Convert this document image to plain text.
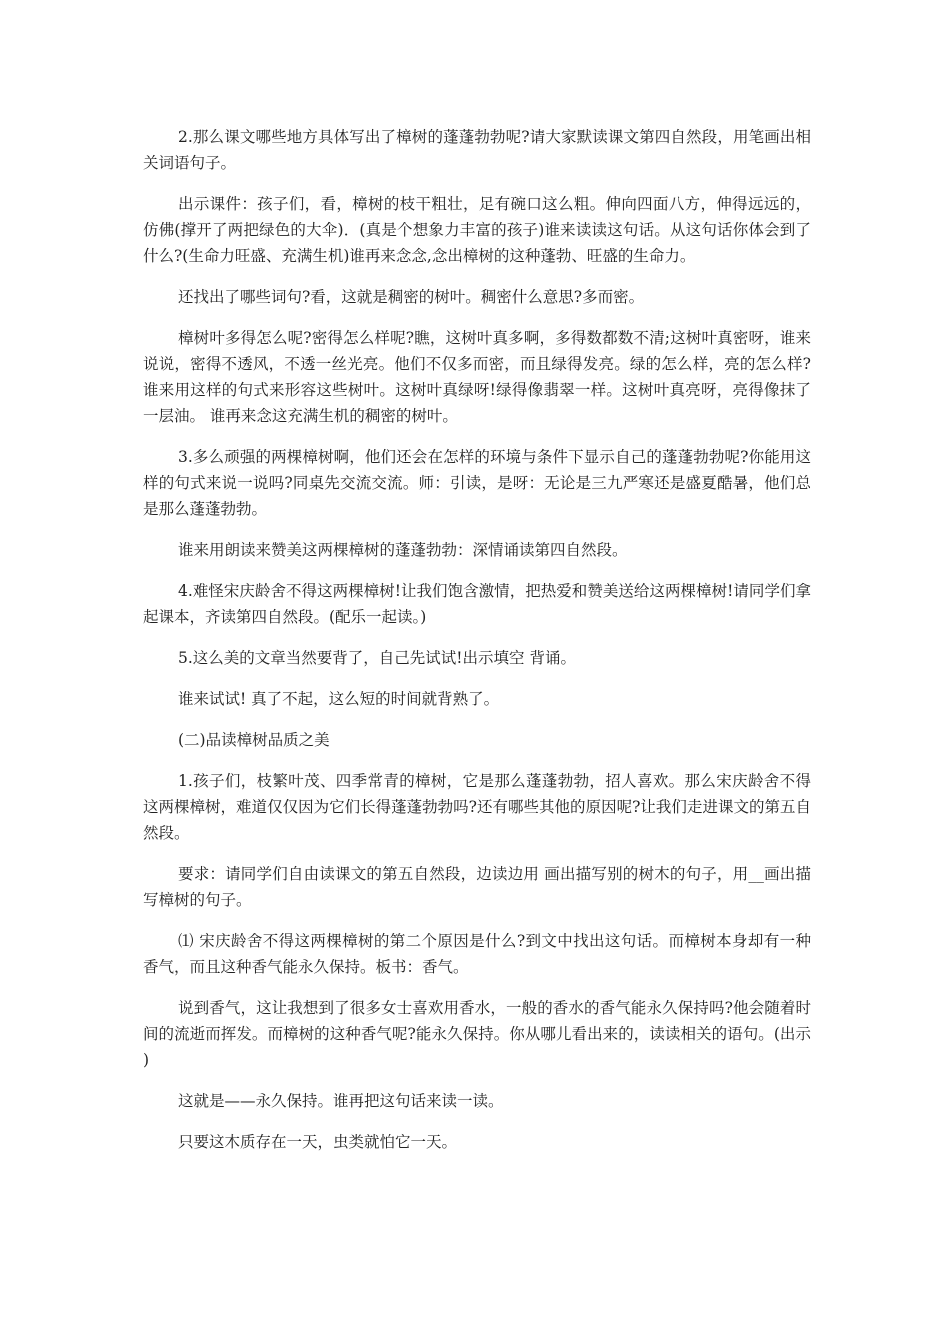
2.那么课文哪些地方具体写出了樟树的蓬蓬勃勃呢?请大家默读课文第四自然段，用笔画出相关词语句子。

出示课件：孩子们，看，樟树的枝干粗壮，足有碗口这么粗。伸向四面八方，伸得远远的，仿佛(撑开了两把绿色的大伞)．(真是个想象力丰富的孩子)谁来读读这句话。从这句话你体会到了什么?(生命力旺盛、充满生机)谁再来念念,念出樟树的这种蓬勃、旺盛的生命力。

还找出了哪些词句?看，这就是稠密的树叶。稠密什么意思?多而密。

樟树叶多得怎么呢?密得怎么样呢?瞧，这树叶真多啊，多得数都数不清;这树叶真密呀，谁来说说，密得不透风，不透一丝光亮。他们不仅多而密，而且绿得发亮。绿的怎么样，亮的怎么样?谁来用这样的句式来形容这些树叶。这树叶真绿呀!绿得像翡翠一样。这树叶真亮呀，亮得像抹了一层油。 谁再来念这充满生机的稠密的树叶。

3.多么顽强的两棵樟树啊，他们还会在怎样的环境与条件下显示自己的蓬蓬勃勃呢?你能用这样的句式来说一说吗?同桌先交流交流。师：引读，是呀：无论是三九严寒还是盛夏酷暑，他们总是那么蓬蓬勃勃。

谁来用朗读来赞美这两棵樟树的蓬蓬勃勃：深情诵读第四自然段。

4.难怪宋庆龄舍不得这两棵樟树!让我们饱含激情，把热爱和赞美送给这两棵樟树!请同学们拿起课本，齐读第四自然段。(配乐一起读。)

5.这么美的文章当然要背了，自己先试试!出示填空 背诵。

谁来试试! 真了不起，这么短的时间就背熟了。

(二)品读樟树品质之美

1.孩子们，枝繁叶茂、四季常青的樟树，它是那么蓬蓬勃勃，招人喜欢。那么宋庆龄舍不得这两棵樟树，难道仅仅因为它们长得蓬蓬勃勃吗?还有哪些其他的原因呢?让我们走进课文的第五自然段。

要求：请同学们自由读课文的第五自然段，边读边用 画出描写别的树木的句子，用__画出描写樟树的句子。

⑴ 宋庆龄舍不得这两棵樟树的第二个原因是什么?到文中找出这句话。而樟树本身却有一种香气，而且这种香气能永久保持。板书：香气。

说到香气，这让我想到了很多女士喜欢用香水，一般的香水的香气能永久保持吗?他会随着时间的流逝而挥发。而樟树的这种香气呢?能永久保持。你从哪儿看出来的，读读相关的语句。(出示)

这就是——永久保持。谁再把这句话来读一读。

只要这木质存在一天，虫类就怕它一天。
